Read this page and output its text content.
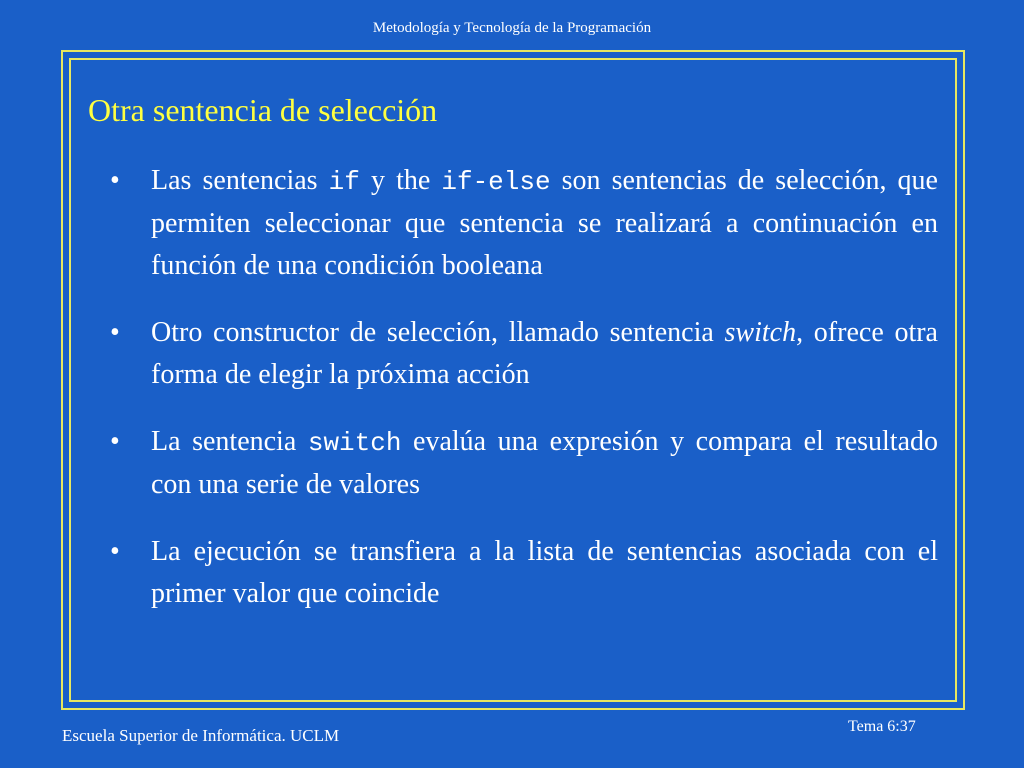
Metodología y Tecnología de la Programación
Otra sentencia de selección
• Las sentencias if y the if-else son sentencias de selección, que permiten seleccionar que sentencia se realizará a continuación en función de una condición booleana
• Otro constructor de selección, llamado sentencia switch, ofrece otra forma de elegir la próxima acción
• La sentencia switch evalúa una expresión y compara el resultado con una serie de valores
• La ejecución se transfiera a la lista de sentencias asociada con el primer valor que coincide
Escuela Superior de Informática. UCLM	Tema 6:37
